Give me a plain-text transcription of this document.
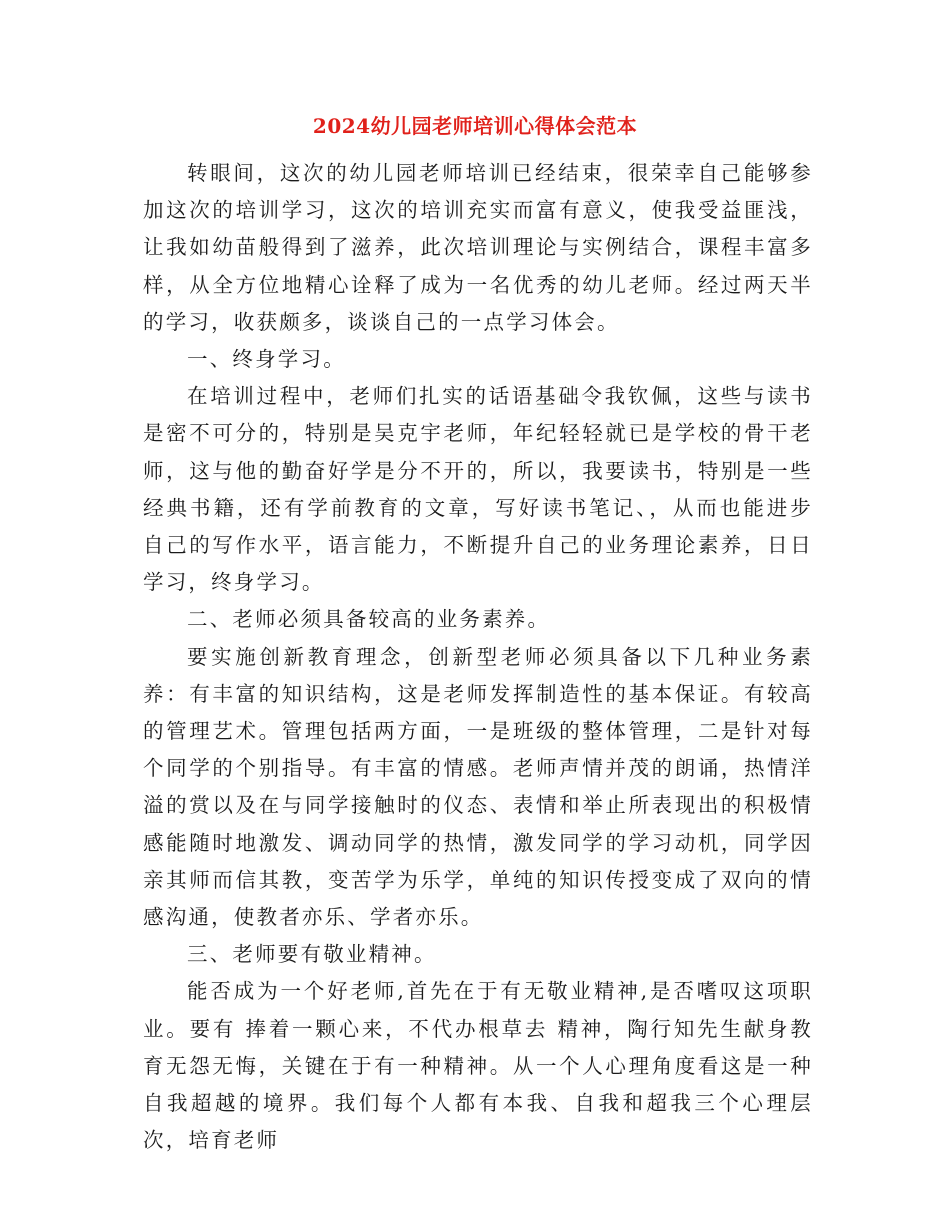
2024幼儿园老师培训心得体会范本

转眼间，这次的幼儿园老师培训已经结束，很荣幸自己能够参加这次的培训学习，这次的培训充实而富有意义，使我受益匪浅，让我如幼苗般得到了滋养，此次培训理论与实例结合，课程丰富多样，从全方位地精心诠释了成为一名优秀的幼儿老师。经过两天半的学习，收获颇多，谈谈自己的一点学习体会。

一、终身学习。

在培训过程中，老师们扎实的话语基础令我钦佩，这些与读书是密不可分的，特别是吴克宇老师，年纪轻轻就已是学校的骨干老师，这与他的勤奋好学是分不开的，所以，我要读书，特别是一些经典书籍，还有学前教育的文章，写好读书笔记、，从而也能进步自己的写作水平，语言能力，不断提升自己的业务理论素养，日日学习，终身学习。

二、老师必须具备较高的业务素养。

要实施创新教育理念，创新型老师必须具备以下几种业务素养：有丰富的知识结构，这是老师发挥制造性的基本保证。有较高的管理艺术。管理包括两方面，一是班级的整体管理，二是针对每个同学的个别指导。有丰富的情感。老师声情并茂的朗诵，热情洋溢的赏以及在与同学接触时的仪态、表情和举止所表现出的积极情感能随时地激发、调动同学的热情，激发同学的学习动机，同学因 亲其师而信其教，变苦学为乐学，单纯的知识传授变成了双向的情感沟通，使教者亦乐、学者亦乐。

三、老师要有敬业精神。

能否成为一个好老师,首先在于有无敬业精神,是否嗜叹这项职业。要有 捧着一颗心来，不代办根草去 精神，陶行知先生献身教育无怨无悔，关键在于有一种精神。从一个人心理角度看这是一种自我超越的境界。我们每个人都有本我、自我和超我三个心理层次，培育老师
